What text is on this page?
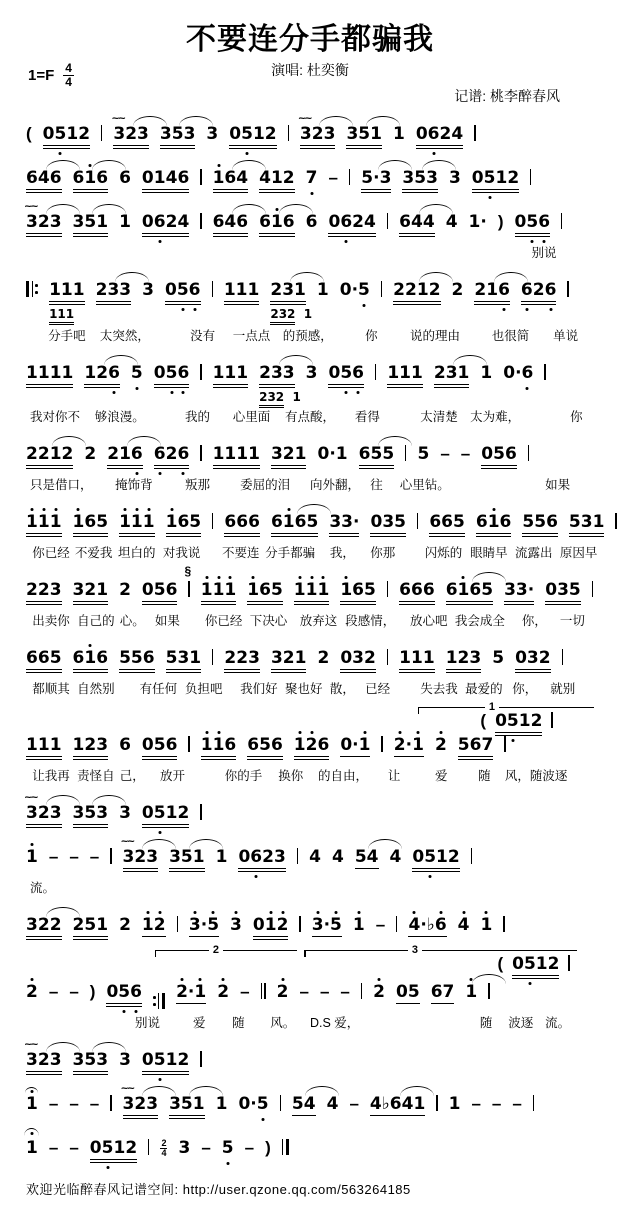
不要连分手都骗我
$1=F \frac{4}{4}$	演唱: 杜奕衡
记谱: 桃李醉春风
( 05
12 323
~~
353 3 05
12 323
~~
351 1 06
24
646 61
6 6 0146 1
64 412 7 – 5·3 353 3 05
12
323
~~
351 1 06
24 646 61
6 6 06
24 644 4 1· ) 05
6
别说
111
111
233 3 05
6 111 231
232 1
1 0·5 2212 2 216 6
26
分手吧 太突然，	没有 一点点 的预感，	你	说的理由	也很简 单说
1111 126 5 05
6 111 233
232 1
3 05
6 111 231 1 0·6
我对你不 够浪漫。	我的 心里面 有点酸， 看得	太清楚 太为难，	你
2212 2 216 6
26 1111 321 0·1 655 5 – – 056
只是借口， 掩饰背	叛那 委屈的泪 向外翻， 往 心里钻。	如果
1
1
1 1
65 1
1
1 1
65 666 61
65 33· 035 665 61
6 556 531
你已经 不爱我 坦白的 对我说 不要连 分手都骗 我， 你那 闪烁的 眼睛早 流露出 原因早
223 321 2 056
§
1
1
1 1
65 1
1
1 1
65 666 61
65 33· 035
出卖你 自己的 心。 如果 你已经 下决心 放弃这 段感情， 放心吧 我会成全 你， 一切
665 61
6 556 531 223 321 2 032 111 123 5 032
都顺其 自然别 有任何 负担吧 我们好 聚也好 散， 已经 失去我 最爱的 你， 就别
111 123 6 056 1
1
6 656 1
2
6 0·1 2
·1 2 567
1
( 05
12
让我再 责怪自 己， 放开	你的手 换你 的自由， 让	爱 随 风，随波逐
323
~~
353 3 05
12
1 – – – 323
~~
351 1 06
23 4 4 54 4 05
12
流。
322 251 2 1
2 3
·5 3 01
2 3
·5 1 – 4
·♭6 4 1
2 – – ) 05
6 2
·1 2 – 2 – – – 2 05 67 1
2	3
( 05
12
别说	爱 随 风。 D.S 爱，	随 波逐 流。
323
~~
353 3 05
12
1 – – – 323
~~
351 1 0·5 54 4 – 4♭641 1 – – –
1 – – 05
12	2
4 3 – 5 – )
欢迎光临醉春风记谱空间: http://user.qzone.qq.com/563264185
